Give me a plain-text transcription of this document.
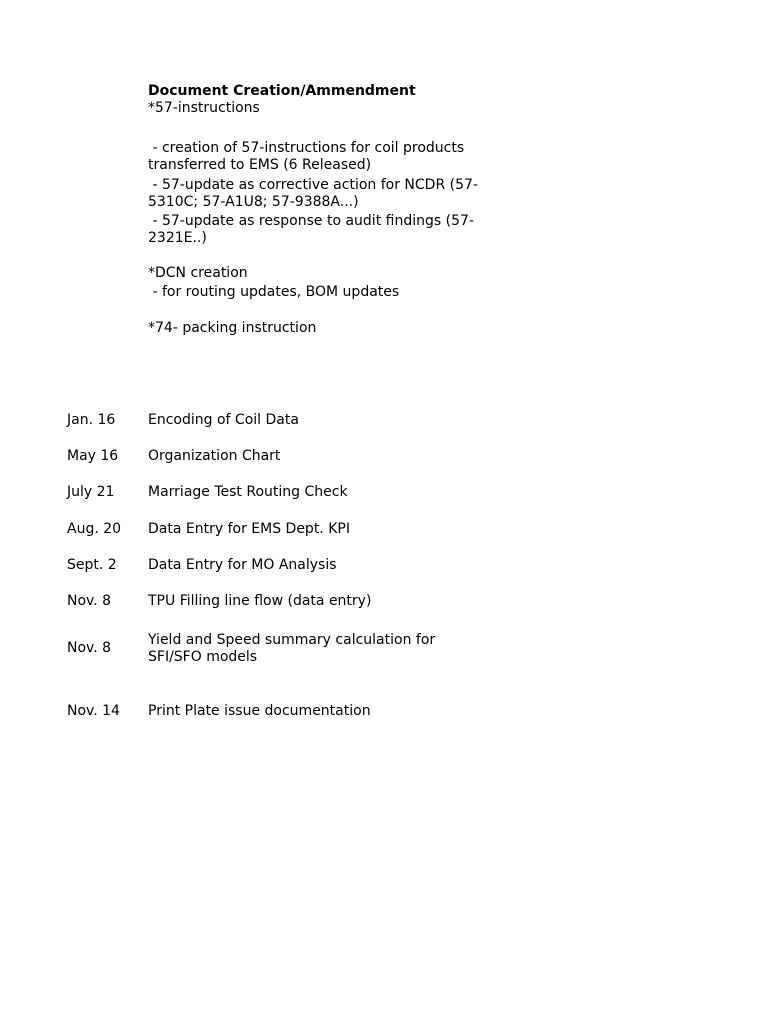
Document Creation/Ammendment
*57-instructions
- creation of 57-instructions for coil products transferred to EMS (6 Released)
- 57-update as corrective action for NCDR (57-5310C; 57-A1U8; 57-9388A...)
- 57-update as response to audit findings (57-2321E..)
*DCN creation
- for routing updates, BOM updates
*74- packing instruction
Jan. 16 Encoding of Coil Data
May 16 Organization Chart
July 21 Marriage Test Routing Check
Aug. 20 Data Entry for EMS Dept. KPI
Sept. 2 Data Entry for MO Analysis
Nov. 8	TPU Filling line flow (data entry)
Nov. 8	Yield and Speed summary calculation for SFI/SFO models
Nov. 14 Print Plate issue documentation
